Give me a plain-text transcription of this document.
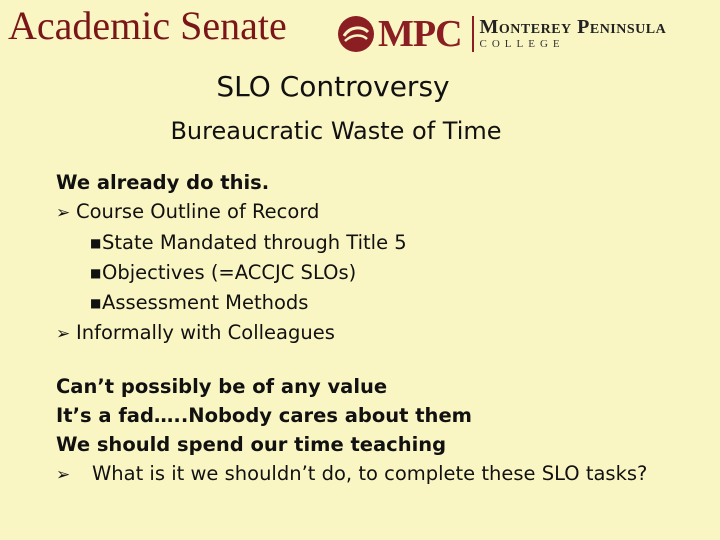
Academic Senate MPC Monterey Peninsula
COLLEGE
SLO Controversy
Bureaucratic Waste of Time
We already do this.
➢ Course Outline of Record
■State Mandated through Title 5
■Objectives (=ACCJC SLOs)
■Assessment Methods
➢ Informally with Colleagues
Can’t possibly be of any value
It’s a fad…..Nobody cares about them
We should spend our time teaching
➢ What is it we shouldn’t do, to complete these SLO tasks?
